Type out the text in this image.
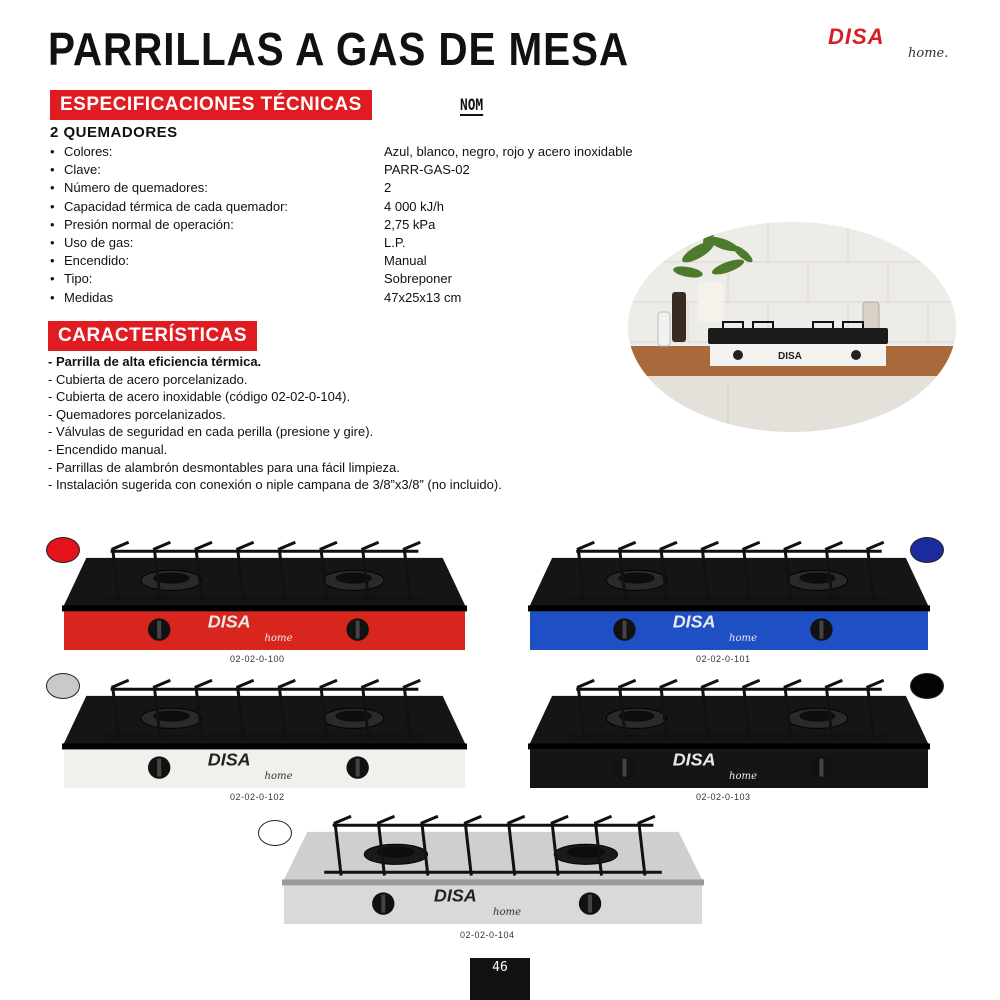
PARRILLAS A GAS DE MESA	DISA
home.
ESPECIFICACIONES TÉCNICAS	NOM
2 QUEMADORES
• Colores:	Azul, blanco, negro, rojo y acero inoxidable
• Clave:	PARR-GAS-02
• Número de quemadores:	2
• Capacidad térmica de cada quemador:	4 000 kJ/h
• Presión normal de operación:	2,75 kPa
• Uso de gas:	L.P.
• Encendido:	Manual
• Tipo:	Sobreponer
• Medidas	47x25x13 cm
CARACTERÍSTICAS
- Parrilla de alta eficiencia térmica.
- Cubierta de acero porcelanizado.
- Cubierta de acero inoxidable (código 02-02-0-104).
- Quemadores porcelanizados.
- Válvulas de seguridad en cada perilla (presione y gire).
- Encendido manual.
- Parrillas de alambrón desmontables para una fácil limpieza.
- Instalación sugerida con conexión o niple campana de 3/8”x3/8” (no incluido).
DISA
DISA
home
DISA
home
DISA
home
DISA
home
DISA
home
02-02-0-100	02-02-0-101
02-02-0-102	02-02-0-103
02-02-0-104
46
